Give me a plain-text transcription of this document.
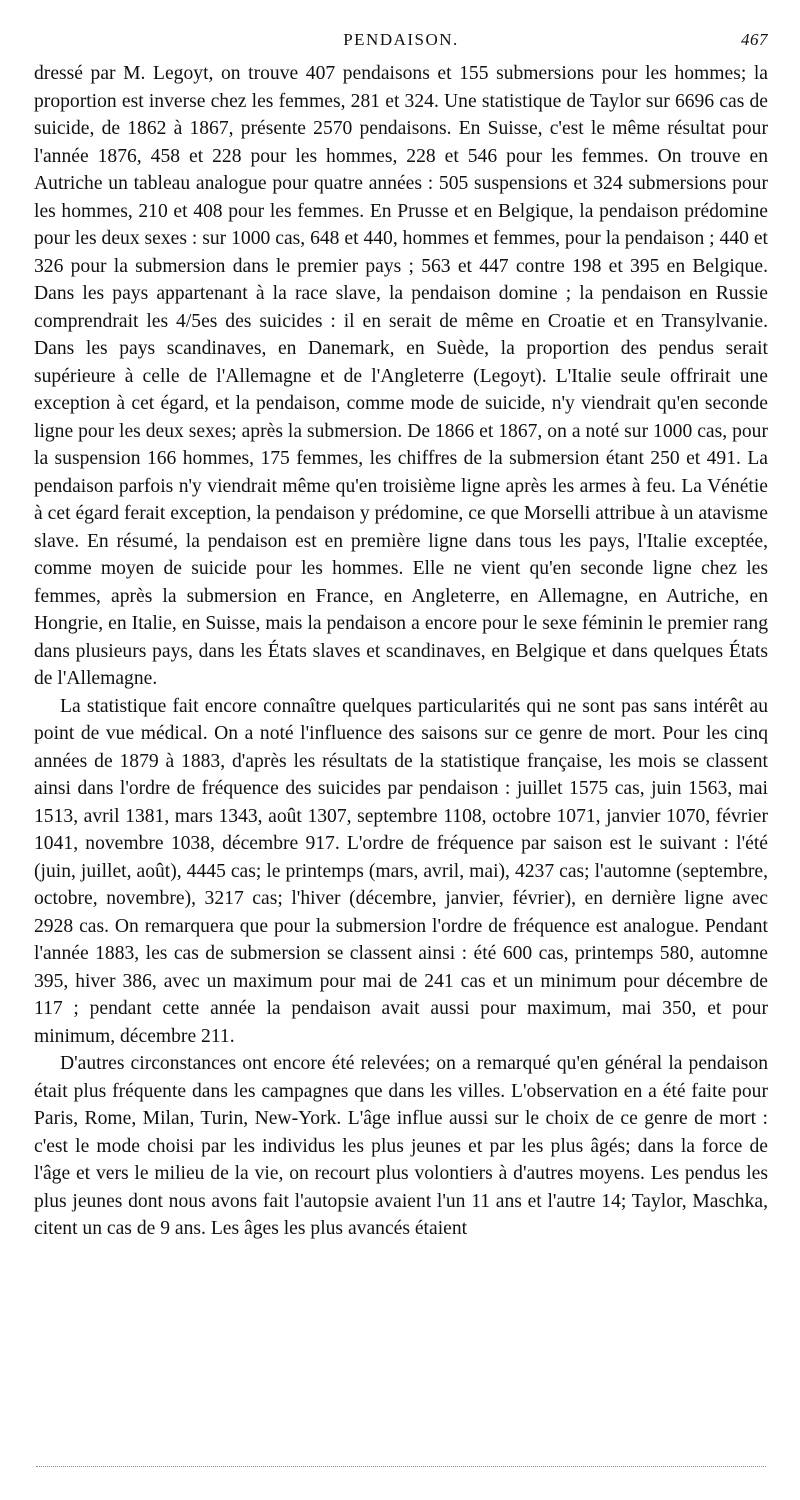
PENDAISON.	467

dressé par M. Legoyt, on trouve 407 pendaisons et 155 submersions pour les hommes; la proportion est inverse chez les femmes, 281 et 324. Une statistique de Taylor sur 6696 cas de suicide, de 1862 à 1867, présente 2570 pendaisons. En Suisse, c'est le même résultat pour l'année 1876, 458 et 228 pour les hommes, 228 et 546 pour les femmes. On trouve en Autriche un tableau analogue pour quatre années : 505 suspensions et 324 submersions pour les hommes, 210 et 408 pour les femmes. En Prusse et en Belgique, la pendaison prédomine pour les deux sexes : sur 1000 cas, 648 et 440, hommes et femmes, pour la pendaison ; 440 et 326 pour la submersion dans le premier pays ; 563 et 447 contre 198 et 395 en Belgique. Dans les pays appartenant à la race slave, la pendaison domine ; la pendaison en Russie comprendrait les 4/5es des suicides : il en serait de même en Croatie et en Transylvanie. Dans les pays scandinaves, en Danemark, en Suède, la proportion des pendus serait supérieure à celle de l'Allemagne et de l'Angleterre (Legoyt). L'Italie seule offrirait une exception à cet égard, et la pendaison, comme mode de suicide, n'y viendrait qu'en seconde ligne pour les deux sexes; après la submersion. De 1866 et 1867, on a noté sur 1000 cas, pour la suspension 166 hommes, 175 femmes, les chiffres de la submersion étant 250 et 491. La pendaison parfois n'y viendrait même qu'en troisième ligne après les armes à feu. La Vénétie à cet égard ferait exception, la pendaison y prédomine, ce que Morselli attribue à un atavisme slave. En résumé, la pendaison est en première ligne dans tous les pays, l'Italie exceptée, comme moyen de suicide pour les hommes. Elle ne vient qu'en seconde ligne chez les femmes, après la submersion en France, en Angleterre, en Allemagne, en Autriche, en Hongrie, en Italie, en Suisse, mais la pendaison a encore pour le sexe féminin le premier rang dans plusieurs pays, dans les États slaves et scandinaves, en Belgique et dans quelques États de l'Allemagne.

La statistique fait encore connaître quelques particularités qui ne sont pas sans intérêt au point de vue médical. On a noté l'influence des saisons sur ce genre de mort. Pour les cinq années de 1879 à 1883, d'après les résultats de la statistique française, les mois se classent ainsi dans l'ordre de fréquence des suicides par pendaison : juillet 1575 cas, juin 1563, mai 1513, avril 1381, mars 1343, août 1307, septembre 1108, octobre 1071, janvier 1070, février 1041, novembre 1038, décembre 917. L'ordre de fréquence par saison est le suivant : l'été (juin, juillet, août), 4445 cas; le printemps (mars, avril, mai), 4237 cas; l'automne (septembre, octobre, novembre), 3217 cas; l'hiver (décembre, janvier, février), en dernière ligne avec 2928 cas. On remarquera que pour la submersion l'ordre de fréquence est analogue. Pendant l'année 1883, les cas de submersion se classent ainsi : été 600 cas, printemps 580, automne 395, hiver 386, avec un maximum pour mai de 241 cas et un minimum pour décembre de 117 ; pendant cette année la pendaison avait aussi pour maximum, mai 350, et pour minimum, décembre 211.

D'autres circonstances ont encore été relevées; on a remarqué qu'en général la pendaison était plus fréquente dans les campagnes que dans les villes. L'observation en a été faite pour Paris, Rome, Milan, Turin, New-York. L'âge influe aussi sur le choix de ce genre de mort : c'est le mode choisi par les individus les plus jeunes et par les plus âgés; dans la force de l'âge et vers le milieu de la vie, on recourt plus volontiers à d'autres moyens. Les pendus les plus jeunes dont nous avons fait l'autopsie avaient l'un 11 ans et l'autre 14; Taylor, Maschka, citent un cas de 9 ans. Les âges les plus avancés étaient
